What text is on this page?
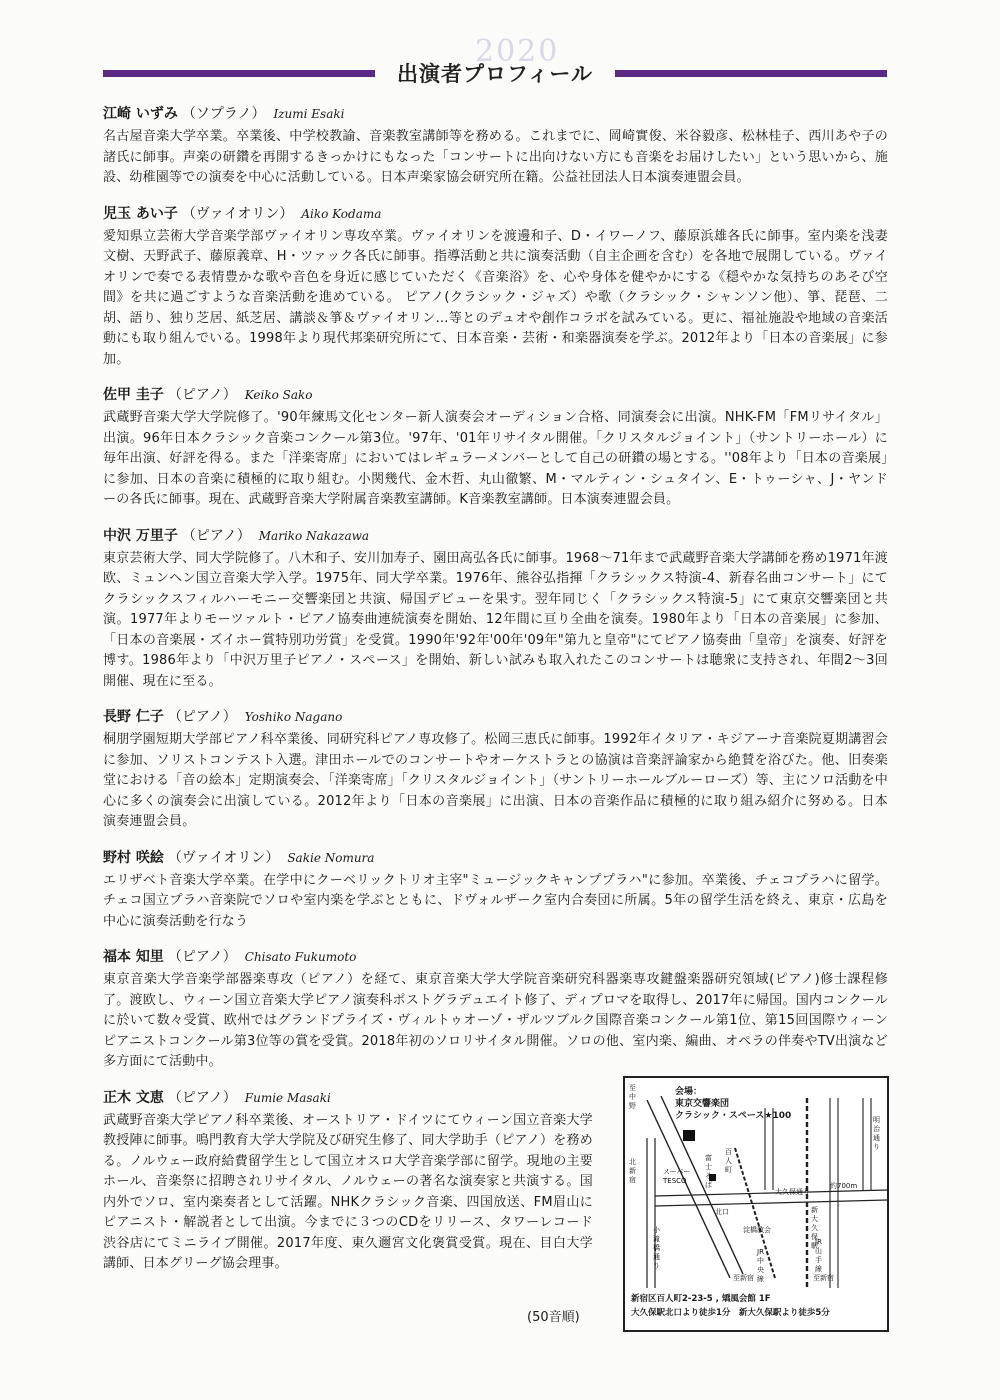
2020
出演者プロフィール
江崎 いずみ （ソプラノ） Izumi Esaki
名古屋音楽大学卒業。卒業後、中学校教諭、音楽教室講師等を務める。これまでに、岡崎實俊、米谷毅彦、松林桂子、西川あや子の諸氏に師事。声楽の研鑽を再開するきっかけにもなった「コンサートに出向けない方にも音楽をお届けしたい」という思いから、施設、幼稚園等での演奏を中心に活動している。日本声楽家協会研究所在籍。公益社団法人日本演奏連盟会員。
児玉 あい子 （ヴァイオリン） Aiko Kodama
愛知県立芸術大学音楽学部ヴァイオリン専攻卒業。ヴァイオリンを渡邊和子、D・イワーノフ、藤原浜雄各氏に師事。室内楽を浅妻文樹、天野武子、藤原義章、H・ツァック各氏に師事。指導活動と共に演奏活動（自主企画を含む）を各地で展開している。ヴァイオリンで奏でる表情豊かな歌や音色を身近に感じていただく《音楽浴》を、心や身体を健やかにする《穏やかな気持ちのあそび空間》を共に過ごすような音楽活動を進めている。 ピアノ(クラシック・ジャズ）や歌（クラシック・シャンソン他）、箏、琵琶、二胡、語り、独り芝居、紙芝居、講談＆箏＆ヴァイオリン…等とのデュオや創作コラボを試みている。更に、福祉施設や地域の音楽活動にも取り組んでいる。1998年より現代邦楽研究所にて、日本音楽・芸術・和楽器演奏を学ぶ。2012年より「日本の音楽展」に参加。
佐甲 圭子 （ピアノ） Keiko Sako
武蔵野音楽大学大学院修了。'90年練馬文化センター新人演奏会オーディション合格、同演奏会に出演。NHK-FM「FMリサイタル」出演。96年日本クラシック音楽コンクール第3位。'97年、'01年リサイタル開催。「クリスタルジョイント」（サントリーホール）に毎年出演、好評を得る。また「洋楽寄席」においてはレギュラーメンバーとして自己の研鑽の場とする。''08年より「日本の音楽展」に参加、日本の音楽に積極的に取り組む。小関幾代、金木哲、丸山徹繁、M・マルティン・シュタイン、E・トゥーシャ、J・ヤンドーの各氏に師事。現在、武蔵野音楽大学附属音楽教室講師。K音楽教室講師。日本演奏連盟会員。
中沢 万里子 （ピアノ） Mariko Nakazawa
東京芸術大学、同大学院修了。八木和子、安川加寿子、園田高弘各氏に師事。1968～71年まで武蔵野音楽大学講師を務め1971年渡欧、ミュンヘン国立音楽大学入学。1975年、同大学卒業。1976年、熊谷弘指揮「クラシックス特演-4、新春名曲コンサート」にてクラシックスフィルハーモニー交響楽団と共演、帰国デビューを果す。翌年同じく「クラシックス特演-5」にて東京交響楽団と共演。1977年よりモーツァルト・ピアノ協奏曲連続演奏を開始、12年間に亘り全曲を演奏。1980年より「日本の音楽展」に参加、「日本の音楽展・ズイホー賞特別功労賞」を受賞。1990年'92年'00年'09年"第九と皇帝"にてピアノ協奏曲「皇帝」を演奏、好評を博す。1986年より「中沢万里子ピアノ・スペース」を開始、新しい試みも取入れたこのコンサートは聴衆に支持され、年間2～3回開催、現在に至る。
長野 仁子 （ピアノ） Yoshiko Nagano
桐朋学園短期大学部ピアノ科卒業後、同研究科ピアノ専攻修了。松岡三恵氏に師事。1992年イタリア・キジアーナ音楽院夏期講習会に参加、ソリストコンテスト入選。津田ホールでのコンサートやオーケストラとの協演は音楽評論家から絶賛を浴びた。他、旧奏楽堂における「音の絵本」定期演奏会、「洋楽寄席」「クリスタルジョイント」（サントリーホールブルーローズ）等、主にソロ活動を中心に多くの演奏会に出演している。2012年より「日本の音楽展」に出演、日本の音楽作品に積極的に取り組み紹介に努める。日本演奏連盟会員。
野村 咲絵 （ヴァイオリン） Sakie Nomura
エリザベト音楽大学卒業。在学中にクーベリックトリオ主宰"ミュージックキャンププラハ"に参加。卒業後、チェコプラハに留学。チェコ国立プラハ音楽院でソロや室内楽を学ぶとともに、ドヴォルザーク室内合奏団に所属。5年の留学生活を終え、東京・広島を中心に演奏活動を行なう
福本 知里 （ピアノ） Chisato Fukumoto
東京音楽大学音楽学部器楽専攻（ピアノ）を経て、東京音楽大学大学院音楽研究科器楽専攻鍵盤楽器研究領域(ピアノ)修士課程修了。渡欧し、ウィーン国立音楽大学ピアノ演奏科ポストグラデュエイト修了、ディプロマを取得し、2017年に帰国。国内コンクールに於いて数々受賞、欧州ではグランドプライズ・ヴィルトゥオーゾ・ザルツブルク国際音楽コンクール第1位、第15回国際ウィーンピアニストコンクール第3位等の賞を受賞。2018年初のソロリサイタル開催。ソロの他、室内楽、編曲、オペラの伴奏やTV出演など多方面にて活動中。
正木 文恵 （ピアノ） Fumie Masaki
武蔵野音楽大学ピアノ科卒業後、オーストリア・ドイツにてウィーン国立音楽大学教授陣に師事。鳴門教育大学大学院及び研究生修了、同大学助手（ピアノ）を務める。ノルウェー政府給費留学生として国立オスロ大学音楽学部に留学。現地の主要ホール、音楽祭に招聘されリサイタル、ノルウェーの著名な演奏家と共演する。国内外でソロ、室内楽奏者として活躍。NHKクラシック音楽、四国放送、FM眉山にピアニスト・解説者として出演。今までに３つのCDをリリース、タワーレコード渋谷店にてミニライブ開催。2017年度、東久邇宮文化褒賞受賞。現在、目白大学講師、日本グリーグ協会理事。
(50音順)
会場：
東京交響楽団
クラシック・スペース★100
至中野
北新宿
スーパー TESCO
富士そば
百人町
大久保通り
新大久保駅
明治通り
約700m
北口
淀橋教会
小滝橋通り
JR中央線
JR山手線
至新宿	至新宿
新宿区百人町2-23-5 , 矯風会館 1F
大久保駅北口より徒歩1分　新大久保駅より徒歩5分
